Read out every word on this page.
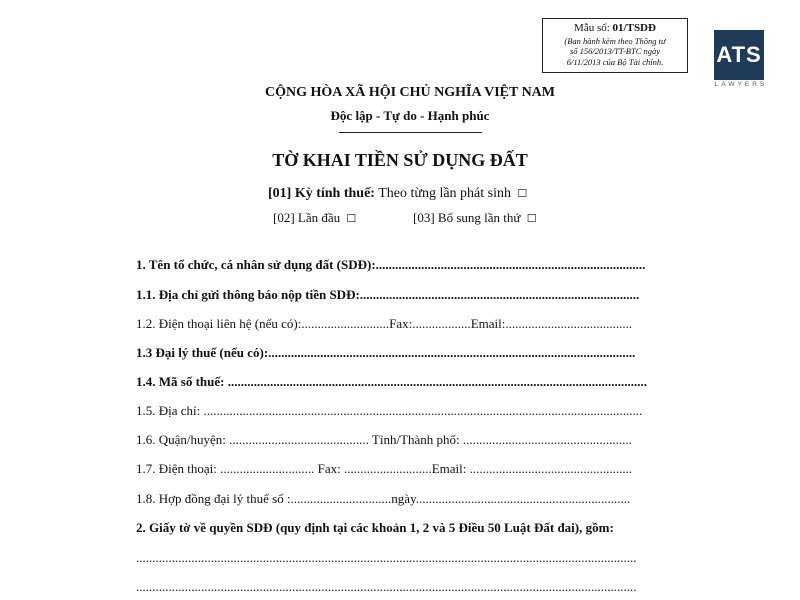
Mẫu số: 01/TSDĐ
(Ban hành kèm theo Thông tư
số 156/2013/TT-BTC ngày
6/11/2013 của Bộ Tài chính.	ATS
LAWYERS
CỘNG HÒA XÃ HỘI CHỦ NGHĨA VIỆT NAM
Độc lập - Tự do - Hạnh phúc
TỜ KHAI TIỀN SỬ DỤNG ĐẤT
[01] Kỳ tính thuế: Theo từng lần phát sinh ☐
[02] Lần đầu ☐	[03] Bổ sung lần thứ ☐
1. Tên tổ chức, cá nhân sử dụng đất (SDĐ):...................................................................................
1.1. Địa chỉ gửi thông báo nộp tiền SDĐ:......................................................................................
1.2. Điện thoại liên hệ (nếu có):...........................Fax:..................Email:.......................................
1.3 Đại lý thuế (nếu có):.................................................................................................................
1.4. Mã số thuế: .................................................................................................................................
1.5. Địa chỉ: .......................................................................................................................................
1.6. Quận/huyện: ........................................... Tỉnh/Thành phố: ....................................................
1.7. Điện thoại: ............................. Fax: ...........................Email: ..................................................
1.8. Hợp đồng đại lý thuế số :...............................ngày..................................................................
2. Giấy tờ về quyền SDĐ (quy định tại các khoản 1, 2 và 5 Điều 50 Luật Đất đai), gồm:
..........................................................................................................................................................
..........................................................................................................................................................
